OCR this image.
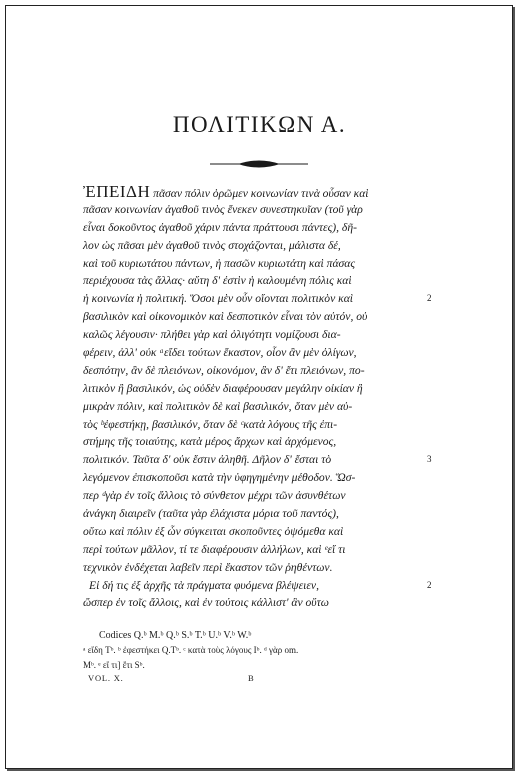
ΠΟΛΙΤΙΚΩΝ Α.
ἘΠΕΙΔΗ πᾶσαν πόλιν ὁρῶμεν κοινωνίαν τινὰ οὖσαν καὶ
πᾶσαν κοινωνίαν ἀγαθοῦ τινὸς ἕνεκεν συνεστηκυῖαν (τοῦ γὰρ
εἶναι δοκοῦντος ἀγαθοῦ χάριν πάντα πράττουσι πάντες), δῆ-
λον ὡς πᾶσαι μὲν ἀγαθοῦ τινὸς στοχάζονται, μάλιστα δέ,
καὶ τοῦ κυριωτάτου πάντων, ἡ πασῶν κυριωτάτη καὶ πάσας
περιέχουσα τὰς ἄλλας· αὕτη δ' ἐστὶν ἡ καλουμένη πόλις καὶ
ἡ κοινωνία ἡ πολιτική. Ὅσοι μὲν οὖν οἴονται πολιτικὸν καὶ	2
βασιλικὸν καὶ οἰκονομικὸν καὶ δεσποτικὸν εἶναι τὸν αὐτόν, οὐ
καλῶς λέγουσιν· πλήθει γὰρ καὶ ὀλιγότητι νομίζουσι δια-
φέρειν, ἀλλ' οὐκ ᵃεἴδει τούτων ἕκαστον, οἷον ἂν μὲν ὀλίγων,
δεσπότην, ἂν δὲ πλειόνων, οἰκονόμον, ἂν δ' ἔτι πλειόνων, πο-
λιτικὸν ἢ βασιλικόν, ὡς οὐδὲν διαφέρουσαν μεγάλην οἰκίαν ἢ
μικρὰν πόλιν, καὶ πολιτικὸν δὲ καὶ βασιλικόν, ὅταν μὲν αὐ-
τὸς ᵇἐφεστήκῃ, βασιλικόν, ὅταν δὲ ᶜκατὰ λόγους τῆς ἐπι-
στήμης τῆς τοιαύτης, κατὰ μέρος ἄρχων καὶ ἀρχόμενος,
πολιτικόν. Ταῦτα δ' οὐκ ἔστιν ἀληθῆ. Δῆλον δ' ἔσται τὸ	3
λεγόμενον ἐπισκοποῦσι κατὰ τὴν ὑφηγημένην μέθοδον. Ὥσ-
περ ᵈγὰρ ἐν τοῖς ἄλλοις τὸ σύνθετον μέχρι τῶν ἀσυνθέτων
ἀνάγκη διαιρεῖν (ταῦτα γὰρ ἐλάχιστα μόρια τοῦ παντός),
οὕτω καὶ πόλιν ἐξ ὧν σύγκειται σκοποῦντες ὀψόμεθα καὶ
περὶ τούτων μᾶλλον, τί τε διαφέρουσιν ἀλλήλων, καὶ ᵉεἴ τι
τεχνικὸν ἐνδέχεται λαβεῖν περὶ ἕκαστον τῶν ῥηθέντων.
Εἰ δή τις ἐξ ἀρχῆς τὰ πράγματα φυόμενα βλέψειεν,	2
ὥσπερ ἐν τοῖς ἄλλοις, καὶ ἐν τούτοις κάλλιστ' ἂν οὕτω
Codices Q.ᵇ M.ᵇ Q.ᵇ S.ᵇ T.ᵇ U.ᵇ V.ᵇ W.ᵇ
ᵃ εἴδη Tᵇ. ᵇ ἐφεστήκει Q.Tᵇ. ᶜ κατὰ τοὺς λόγους Iᵇ. ᵈ γὰρ om.
Mᵇ. ᵉ εἴ τι] ἔτι Sᵇ.
VOL. X.	B
